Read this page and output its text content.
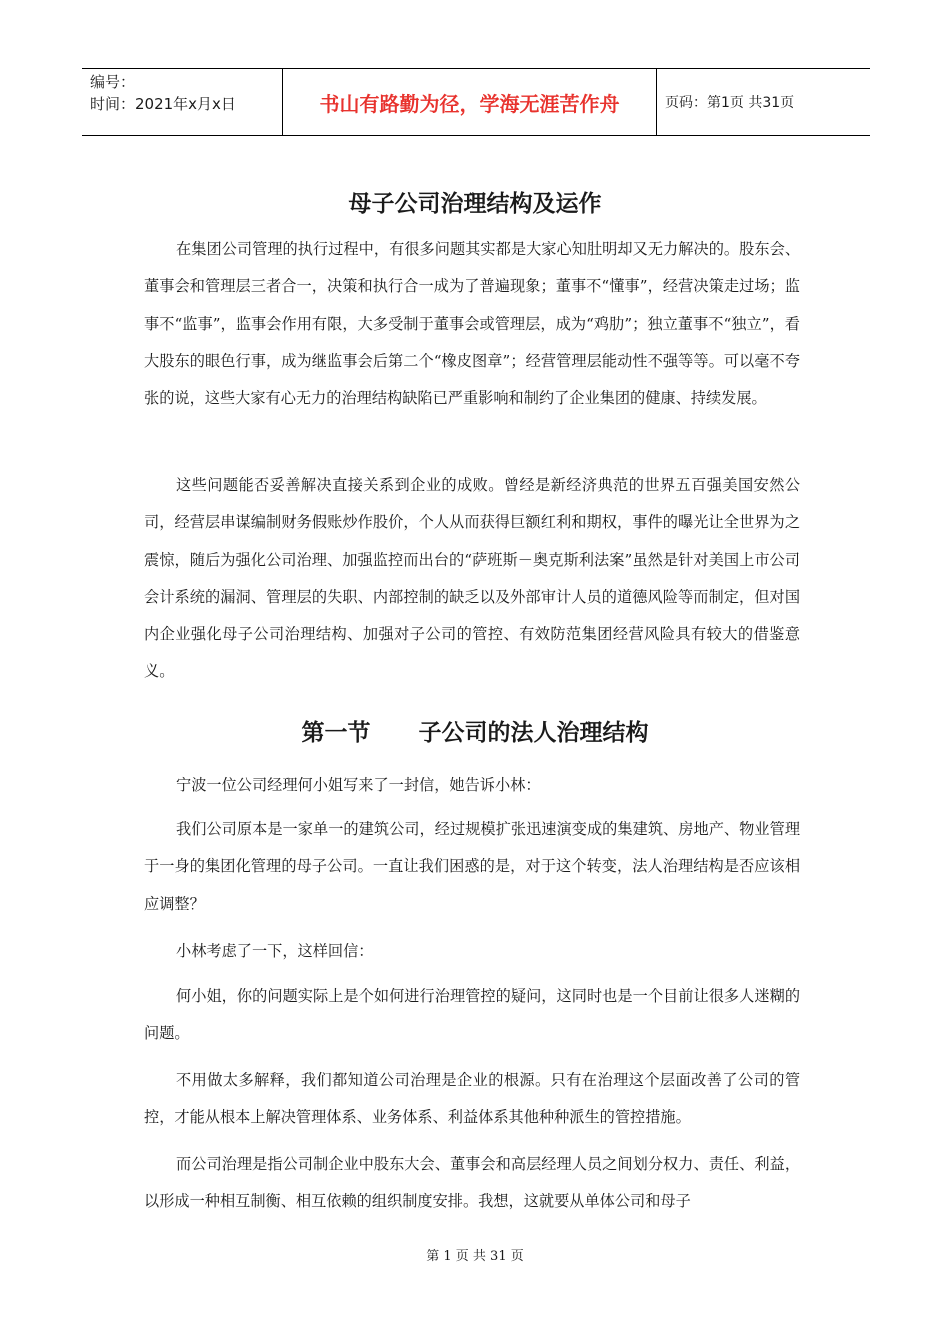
编号：
时间：2021年x月x日	书山有路勤为径，学海无涯苦作舟	页码：第1页 共31页
母子公司治理结构及运作

在集团公司管理的执行过程中，有很多问题其实都是大家心知肚明却又无力解决的。股东会、董事会和管理层三者合一，决策和执行合一成为了普遍现象；董事不“懂事”，经营决策走过场；监事不“监事”，监事会作用有限，大多受制于董事会或管理层，成为“鸡肋”；独立董事不“独立”，看大股东的眼色行事，成为继监事会后第二个“橡皮图章”；经营管理层能动性不强等等。可以毫不夸张的说，这些大家有心无力的治理结构缺陷已严重影响和制约了企业集团的健康、持续发展。

这些问题能否妥善解决直接关系到企业的成败。曾经是新经济典范的世界五百强美国安然公司，经营层串谋编制财务假账炒作股价，个人从而获得巨额红利和期权，事件的曝光让全世界为之震惊，随后为强化公司治理、加强监控而出台的“萨班斯－奥克斯利法案”虽然是针对美国上市公司会计系统的漏洞、管理层的失职、内部控制的缺乏以及外部审计人员的道德风险等而制定，但对国内企业强化母子公司治理结构、加强对子公司的管控、有效防范集团经营风险具有较大的借鉴意义。

第一节      子公司的法人治理结构

宁波一位公司经理何小姐写来了一封信，她告诉小林：

我们公司原本是一家单一的建筑公司，经过规模扩张迅速演变成的集建筑、房地产、物业管理于一身的集团化管理的母子公司。一直让我们困惑的是，对于这个转变，法人治理结构是否应该相应调整？

小林考虑了一下，这样回信：

何小姐，你的问题实际上是个如何进行治理管控的疑问，这同时也是一个目前让很多人迷糊的问题。

不用做太多解释，我们都知道公司治理是企业的根源。只有在治理这个层面改善了公司的管控，才能从根本上解决管理体系、业务体系、利益体系其他种种派生的管控措施。

而公司治理是指公司制企业中股东大会、董事会和高层经理人员之间划分权力、责任、利益，以形成一种相互制衡、相互依赖的组织制度安排。我想，这就要从单体公司和母子

第 1 页 共 31 页
